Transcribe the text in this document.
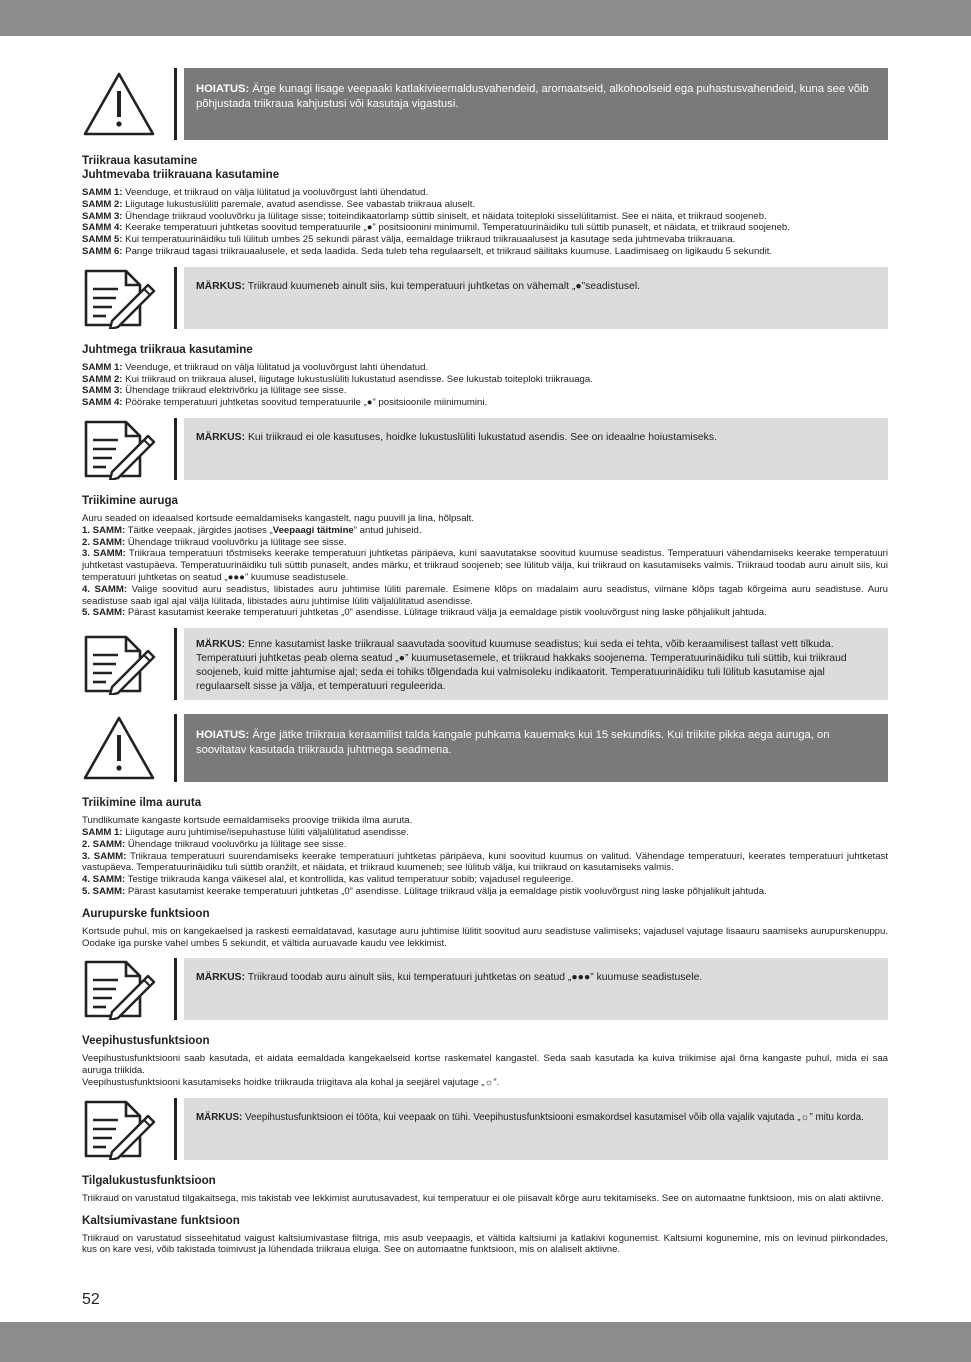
HOIATUS: Ärge kunagi lisage veepaaki katlakivieemaldusvahendeid, aromaatseid, alkohoolseid ega puhastusvahendeid, kuna see võib põhjustada triikraua kahjustusi või kasutaja vigastusi.
Triikraua kasutamine
Juhtmevaba triikrauana kasutamine

SAMM 1: Veenduge, et triikraud on välja lülitatud ja vooluvõrgust lahti ühendatud.

SAMM 2: Liigutage lukustuslüliti paremale, avatud asendisse. See vabastab triikraua aluselt.

SAMM 3: Ühendage triikraud vooluvõrku ja lülitage sisse; toiteindikaatorlamp süttib siniselt, et näidata toiteploki sisselülitamist. See ei näita, et triikraud soojeneb.

SAMM 4: Keerake temperatuuri juhtketas soovitud temperatuurile „●” positsioonini minimumil. Temperatuurinäidiku tuli süttib punaselt, et näidata, et triikraud soojeneb.

SAMM 5: Kui temperatuurinäidiku tuli lülitub umbes 25 sekundi pärast välja, eemaldage triikraud triikrauaalusest ja kasutage seda juhtmevaba triikrauana.

SAMM 6: Pange triikraud tagasi triikrauaalusele, et seda laadida. Seda tuleb teha regulaarselt, et triikraud säilitaks kuumuse. Laadimisaeg on ligikaudu 5 sekundit.

MÄRKUS: Triikraud kuumeneb ainult siis, kui temperatuuri juhtketas on vähemalt „●”seadistusel.
Juhtmega triikraua kasutamine

SAMM 1: Veenduge, et triikraud on välja lülitatud ja vooluvõrgust lahti ühendatud.

SAMM 2: Kui triikraud on triikraua alusel, liigutage lukustuslüliti lukustatud asendisse. See lukustab toiteploki triikrauaga.

SAMM 3: Ühendage triikraud elektrivõrku ja lülitage see sisse.

SAMM 4: Pöörake temperatuuri juhtketas soovitud temperatuurile „●” positsioonile miinimumini.

MÄRKUS: Kui triikraud ei ole kasutuses, hoidke lukustuslüliti lukustatud asendis. See on ideaalne hoiustamiseks.
Triikimine auruga

Auru seaded on ideaalsed kortsude eemaldamiseks kangastelt, nagu puuvill ja lina, hõlpsalt.

1. SAMM: Täitke veepaak, järgides jaotises „Veepaagi täitmine” antud juhiseid.

2. SAMM: Ühendage triikraud vooluvõrku ja lülitage see sisse.

3. SAMM: Triikraua temperatuuri tõstmiseks keerake temperatuuri juhtketas päripäeva, kuni saavutatakse soovitud kuumuse seadistus. Temperatuuri vähendamiseks keerake temperatuuri juhtketast vastupäeva. Temperatuurinäidiku tuli süttib punaselt, andes märku, et triikraud soojeneb; see lülitub välja, kui triikraud on kasutamiseks valmis. Triikraud toodab auru ainult siis, kui temperatuuri juhtketas on seatud „●●●” kuumuse seadistusele.

4. SAMM: Valige soovitud auru seadistus, libistades auru juhtimise lüliti paremale. Esimene klõps on madalaim auru seadistus, viimane klõps tagab kõrgeima auru seadistuse. Auru seadistuse saab igal ajal välja lülitada, libistades auru juhtimise lüliti väljalülitatud asendisse.

5. SAMM: Pärast kasutamist keerake temperatuuri juhtketas „0” asendisse. Lülitage triikraud välja ja eemaldage pistik vooluvõrgust ning laske põhjalikult jahtuda.

MÄRKUS: Enne kasutamist laske triikraual saavutada soovitud kuumuse seadistus; kui seda ei tehta, võib keraamilisest tallast vett tilkuda. Temperatuuri juhtketas peab olema seatud „●” kuumusetasemele, et triikraud hakkaks soojenema. Temperatuurinäidiku tuli süttib, kui triikraud soojeneb, kuid mitte jahtumise ajal; seda ei tohiks tõlgendada kui valmisoleku indikaatorit. Temperatuurinäidiku tuli lülitub kasutamise ajal regulaarselt sisse ja välja, et temperatuuri reguleerida.
HOIATUS: Ärge jätke triikraua keraamilist talda kangale puhkama kauemaks kui 15 sekundiks. Kui triikite pikka aega auruga, on soovitatav kasutada triikrauda juhtmega seadmena.
Triikimine ilma auruta

Tundlikumate kangaste kortsude eemaldamiseks proovige triikida ilma auruta.

SAMM 1: Liigutage auru juhtimise/isepuhastuse lüliti väljalülitatud asendisse.

2. SAMM: Ühendage triikraud vooluvõrku ja lülitage see sisse.

3. SAMM: Triikraua temperatuuri suurendamiseks keerake temperatuuri juhtketas päripäeva, kuni soovitud kuumus on valitud. Vähendage temperatuuri, keerates temperatuuri juhtketast vastupäeva. Temperatuurinäidiku tuli süttib oranžilt, et näidata, et triikraud kuumeneb; see lülitub välja, kui triikraud on kasutamiseks valmis.

4. SAMM: Testige triikrauda kanga väikesel alal, et kontrollida, kas valitud temperatuur sobib; vajadusel reguleerige.

5. SAMM: Pärast kasutamist keerake temperatuuri juhtketas „0” asendisse. Lülitage triikraud välja ja eemaldage pistik vooluvõrgust ning laske põhjalikult jahtuda.

Aurupurske funktsioon

Kortsude puhul, mis on kangekaelsed ja raskesti eemaldatavad, kasutage auru juhtimise lülitit soovitud auru seadistuse valimiseks; vajadusel vajutage lisaauru saamiseks aurupurskenuppu. Oodake iga purske vahel umbes 5 sekundit, et vältida auruavade kaudu vee lekkimist.

MÄRKUS: Triikraud toodab auru ainult siis, kui temperatuuri juhtketas on seatud „●●●” kuumuse seadistusele.
Veepihustusfunktsioon

Veepihustusfunktsiooni saab kasutada, et aidata eemaldada kangekaelseid kortse raskematel kangastel. Seda saab kasutada ka kuiva triikimise ajal õrna kangaste puhul, mida ei saa auruga triikida.

Veepihustusfunktsiooni kasutamiseks hoidke triikrauda triigitava ala kohal ja seejärel vajutage „☼”.

MÄRKUS: Veepihustusfunktsioon ei tööta, kui veepaak on tühi. Veepihustusfunktsiooni esmakordsel kasutamisel võib olla vajalik vajutada „☼” mitu korda.
Tilgalukustusfunktsioon

Triikraud on varustatud tilgakaitsega, mis takistab vee lekkimist aurutusavadest, kui temperatuur ei ole piisavalt kõrge auru tekitamiseks. See on automaatne funktsioon, mis on alati aktiivne.

Kaltsiumivastane funktsioon

Triikraud on varustatud sisseehitatud vaigust kaltsiumivastase filtriga, mis asub veepaagis, et vältida kaltsiumi ja katlakivi kogunemist. Kaltsiumi kogunemine, mis on levinud piirkondades, kus on kare vesi, võib takistada toimivust ja lühendada triikraua eluiga. See on automaatne funktsioon, mis on alaliselt aktiivne.

52
